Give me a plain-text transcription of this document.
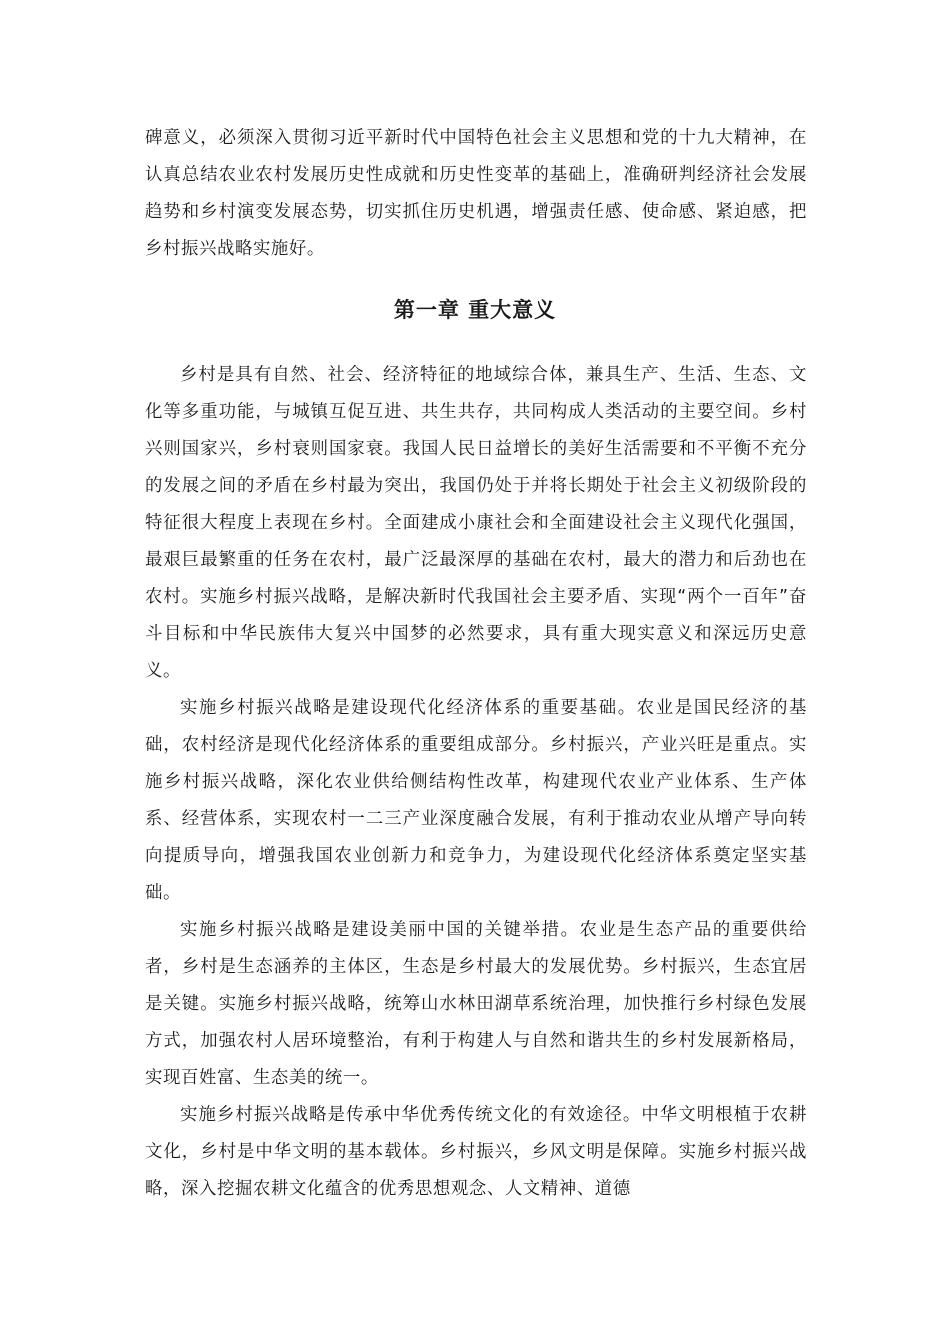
碑意义，必须深入贯彻习近平新时代中国特色社会主义思想和党的十九大精神，在认真总结农业农村发展历史性成就和历史性变革的基础上，准确研判经济社会发展趋势和乡村演变发展态势，切实抓住历史机遇，增强责任感、使命感、紧迫感，把乡村振兴战略实施好。

第一章 重大意义

乡村是具有自然、社会、经济特征的地域综合体，兼具生产、生活、生态、文化等多重功能，与城镇互促互进、共生共存，共同构成人类活动的主要空间。乡村兴则国家兴，乡村衰则国家衰。我国人民日益增长的美好生活需要和不平衡不充分的发展之间的矛盾在乡村最为突出，我国仍处于并将长期处于社会主义初级阶段的特征很大程度上表现在乡村。全面建成小康社会和全面建设社会主义现代化强国，最艰巨最繁重的任务在农村，最广泛最深厚的基础在农村，最大的潜力和后劲也在农村。实施乡村振兴战略，是解决新时代我国社会主要矛盾、实现“两个一百年”奋斗目标和中华民族伟大复兴中国梦的必然要求，具有重大现实意义和深远历史意义。

实施乡村振兴战略是建设现代化经济体系的重要基础。农业是国民经济的基础，农村经济是现代化经济体系的重要组成部分。乡村振兴，产业兴旺是重点。实施乡村振兴战略，深化农业供给侧结构性改革，构建现代农业产业体系、生产体系、经营体系，实现农村一二三产业深度融合发展，有利于推动农业从增产导向转向提质导向，增强我国农业创新力和竞争力，为建设现代化经济体系奠定坚实基础。

实施乡村振兴战略是建设美丽中国的关键举措。农业是生态产品的重要供给者，乡村是生态涵养的主体区，生态是乡村最大的发展优势。乡村振兴，生态宜居是关键。实施乡村振兴战略，统筹山水林田湖草系统治理，加快推行乡村绿色发展方式，加强农村人居环境整治，有利于构建人与自然和谐共生的乡村发展新格局，实现百姓富、生态美的统一。

实施乡村振兴战略是传承中华优秀传统文化的有效途径。中华文明根植于农耕文化，乡村是中华文明的基本载体。乡村振兴，乡风文明是保障。实施乡村振兴战略，深入挖掘农耕文化蕴含的优秀思想观念、人文精神、道德
